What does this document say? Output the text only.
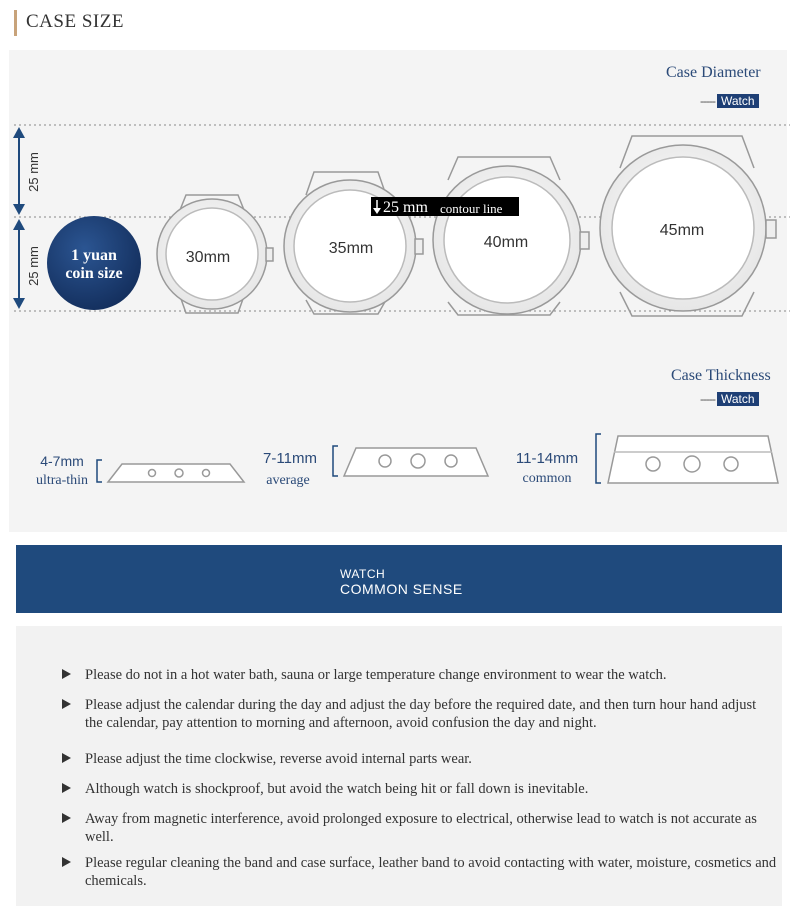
CASE SIZE
Case Diameter
----- Watch
Case Thickness
----- Watch
25 mm
25 mm 1 yuan
coin size
30mm
35mm	40mm
45mm
25 mm contour line
4-7mm
ultra-thin
7-11mm
average
11-14mm
common
WATCH
COMMON SENSE
Please do not in a hot water bath, sauna or large temperature change environment to wear the watch.
Please adjust the calendar during the day and adjust the day before the required date, and then turn hour hand adjust the calendar, pay attention to morning and afternoon, avoid confusion the day and night.
Please adjust the time clockwise, reverse avoid internal parts wear.
Although watch is shockproof, but avoid the watch being hit or fall down is inevitable.
Away from magnetic interference, avoid prolonged exposure to electrical, otherwise lead to watch is not accurate as well.
Please regular cleaning the band and case surface, leather band to avoid contacting with water, moisture, cosmetics and chemicals.
